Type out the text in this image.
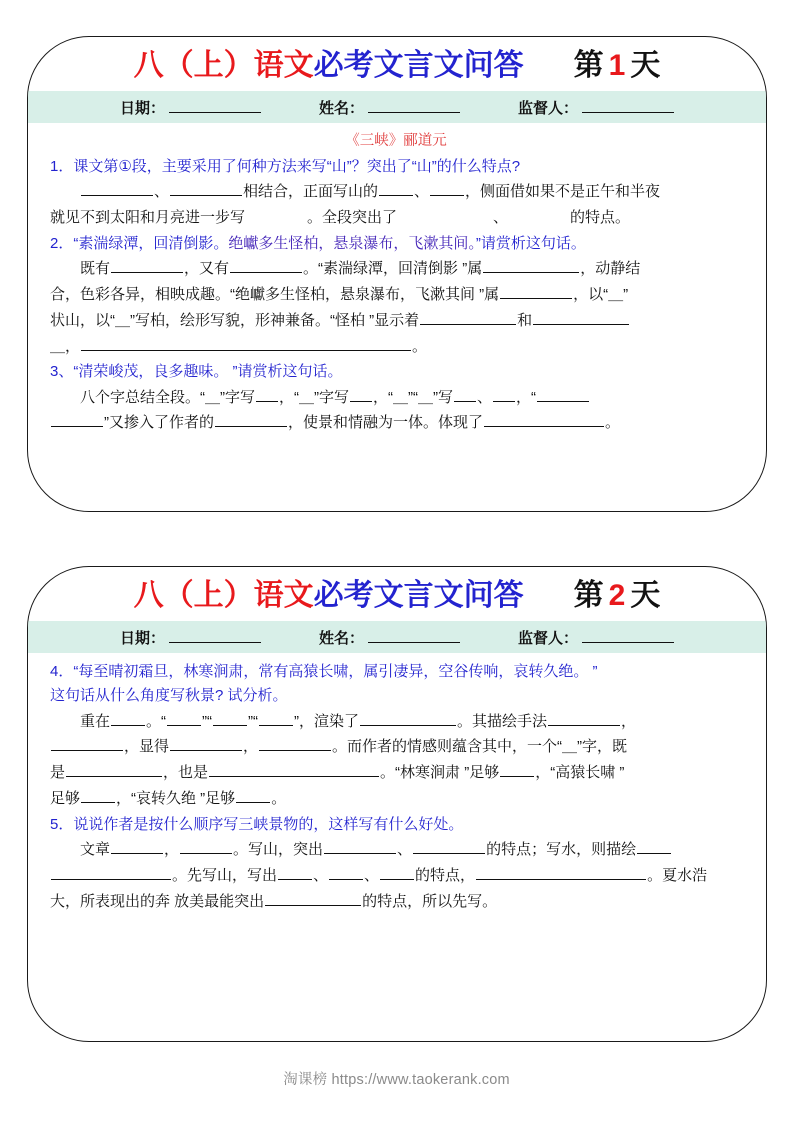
八（上）语文必考文言文问答 第 1 天
日期：	姓名：	监督人：
《三峡》郦道元
1．课文第①段，主要采用了何种方法来写“山”？突出了“山”的什么特点?
、	相结合，正面写山的 、 ，侧面借如果不是正午和半夜
就见不到太阳和月亮进一步写	。全段突出了	、	的特点。
2．“素湍绿潭，回清倒影。绝巘多生怪柏，悬泉瀑布，飞漱其间。”请赏析这句话。
既有	，又有	。“素湍绿潭，回清倒影 ”属	，动静结
合，色彩各异，相映成趣。“绝巘多生怪柏，悬泉瀑布，飞漱其间 ”属	，以“＿”
状山，以“＿”写柏，绘形写貌，形神兼备。“怪柏 ”显示着	和
＿，	。
3、“清荣峻茂，良多趣味。 ”请赏析这句话。
八个字总结全段。“＿”字写 ，“＿”字写 ，“＿”“＿”写 、 ，“
”又掺入了作者的	，使景和情融为一体。体现了	。
八（上）语文必考文言文问答 第 2 天
日期：	姓名：	监督人：
4．“每至晴初霜旦，林寒涧肃，常有高猿长啸，属引凄异，空谷传响，哀转久绝。 ”
这句话从什么角度写秋景? 试分析。
重在 。“ ”“ ”“ ”，渲染了	。其描绘手法	，
，显得	，	。而作者的情感则蕴含其中，一个“＿”字，既
是	，也是	。“林寒涧肃 ”足够 ，“高猿长啸 ”
足够 ，“哀转久绝 ”足够 。
5．说说作者是按什么顺序写三峡景物的，这样写有什么好处。
文章	，	。写山，突出	、	的特点；写水，则描绘
。先写山，写出 、 、 的特点，	。夏水浩
大，所表现出的奔 放美最能突出	的特点，所以先写。
淘课榜 https://www.taokerank.com
